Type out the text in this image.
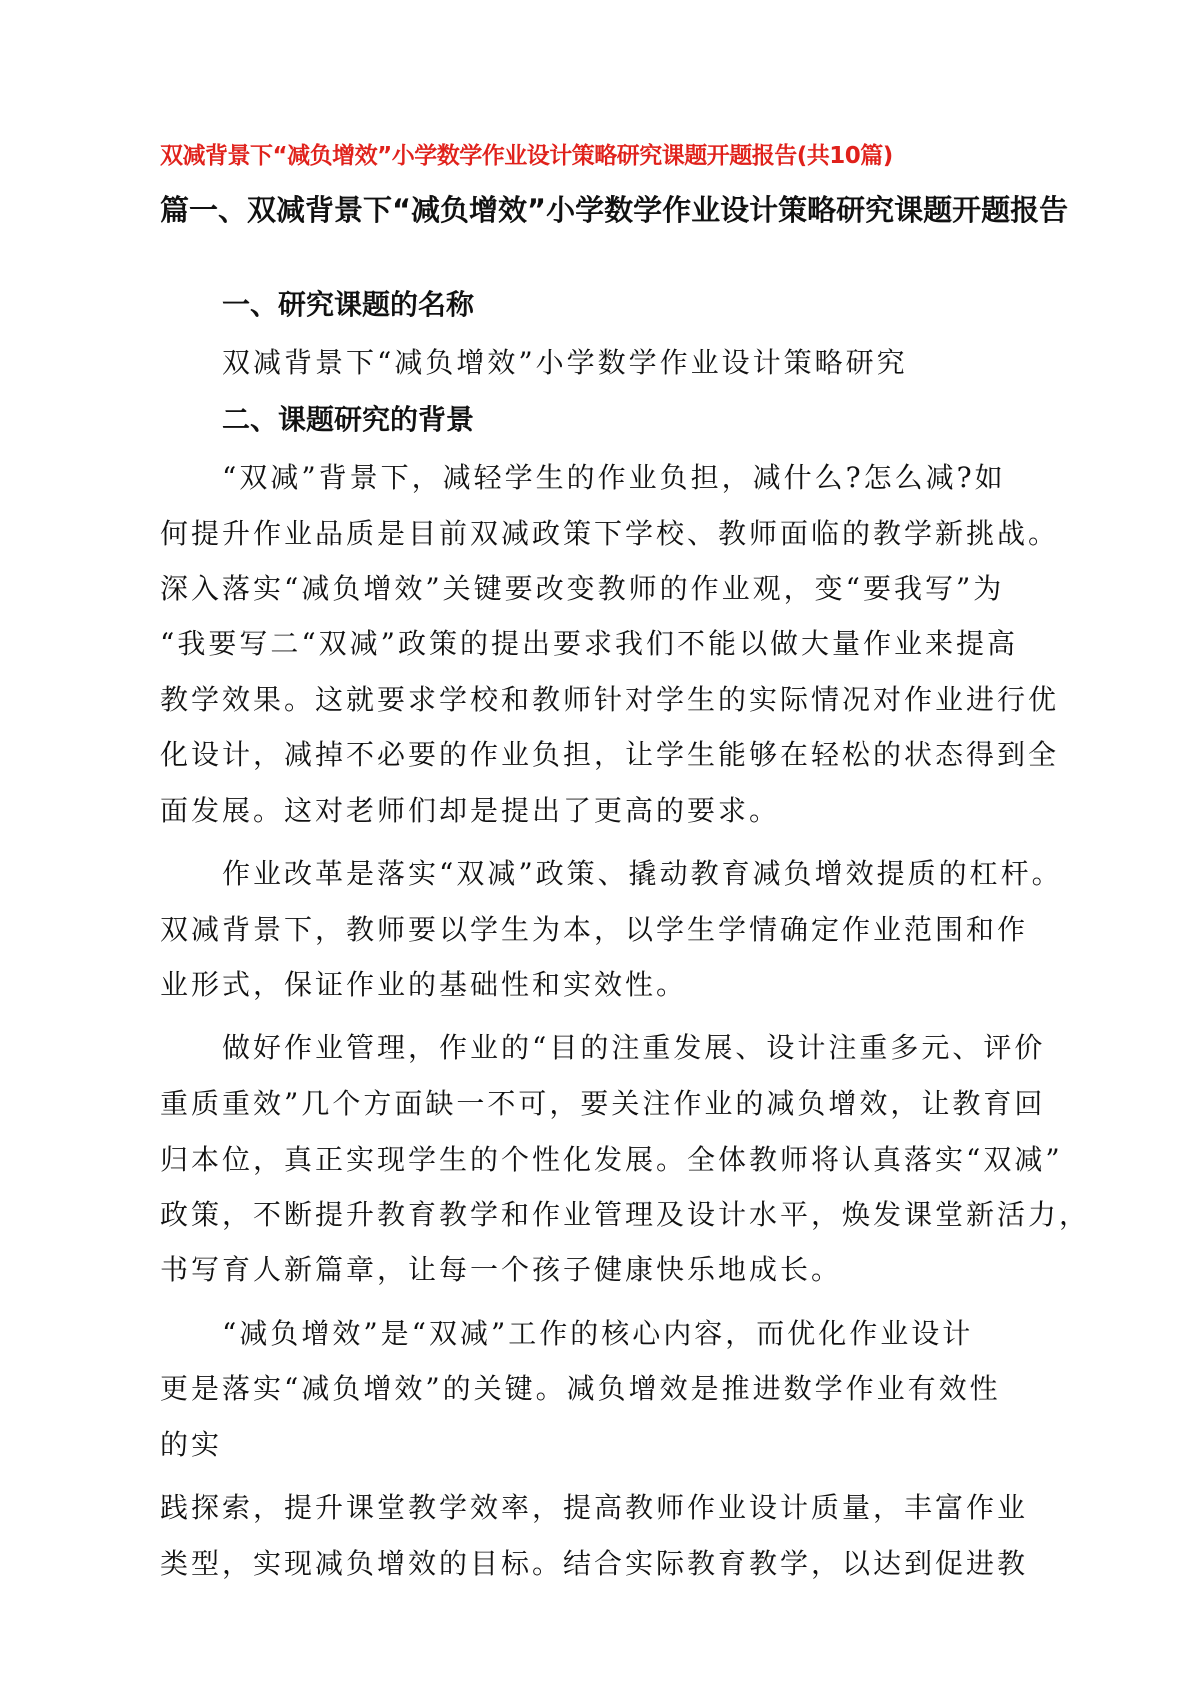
双减背景下“减负增效”小学数学作业设计策略研究课题开题报告(共10篇)
篇一、双减背景下“减负增效”小学数学作业设计策略研究课题开题报告
一、研究课题的名称
双减背景下“减负增效”小学数学作业设计策略研究
二、课题研究的背景
“双减”背景下，减轻学生的作业负担，减什么?怎么减?如
何提升作业品质是目前双减政策下学校、教师面临的教学新挑战。
深入落实“减负增效”关键要改变教师的作业观，变“要我写”为
“我要写二“双减”政策的提出要求我们不能以做大量作业来提高
教学效果。这就要求学校和教师针对学生的实际情况对作业进行优
化设计，减掉不必要的作业负担，让学生能够在轻松的状态得到全
面发展。这对老师们却是提出了更高的要求。
作业改革是落实“双减”政策、撬动教育减负增效提质的杠杆。
双减背景下，教师要以学生为本，以学生学情确定作业范围和作
业形式，保证作业的基础性和实效性。
做好作业管理，作业的“目的注重发展、设计注重多元、评价
重质重效”几个方面缺一不可，要关注作业的减负增效，让教育回
归本位，真正实现学生的个性化发展。全体教师将认真落实“双减”
政策，不断提升教育教学和作业管理及设计水平，焕发课堂新活力，
书写育人新篇章，让每一个孩子健康快乐地成长。
“减负增效”是“双减”工作的核心内容，而优化作业设计
更是落实“减负增效”的关键。减负增效是推进数学作业有效性
的实
践探索，提升课堂教学效率，提高教师作业设计质量，丰富作业
类型，实现减负增效的目标。结合实际教育教学，以达到促进教
